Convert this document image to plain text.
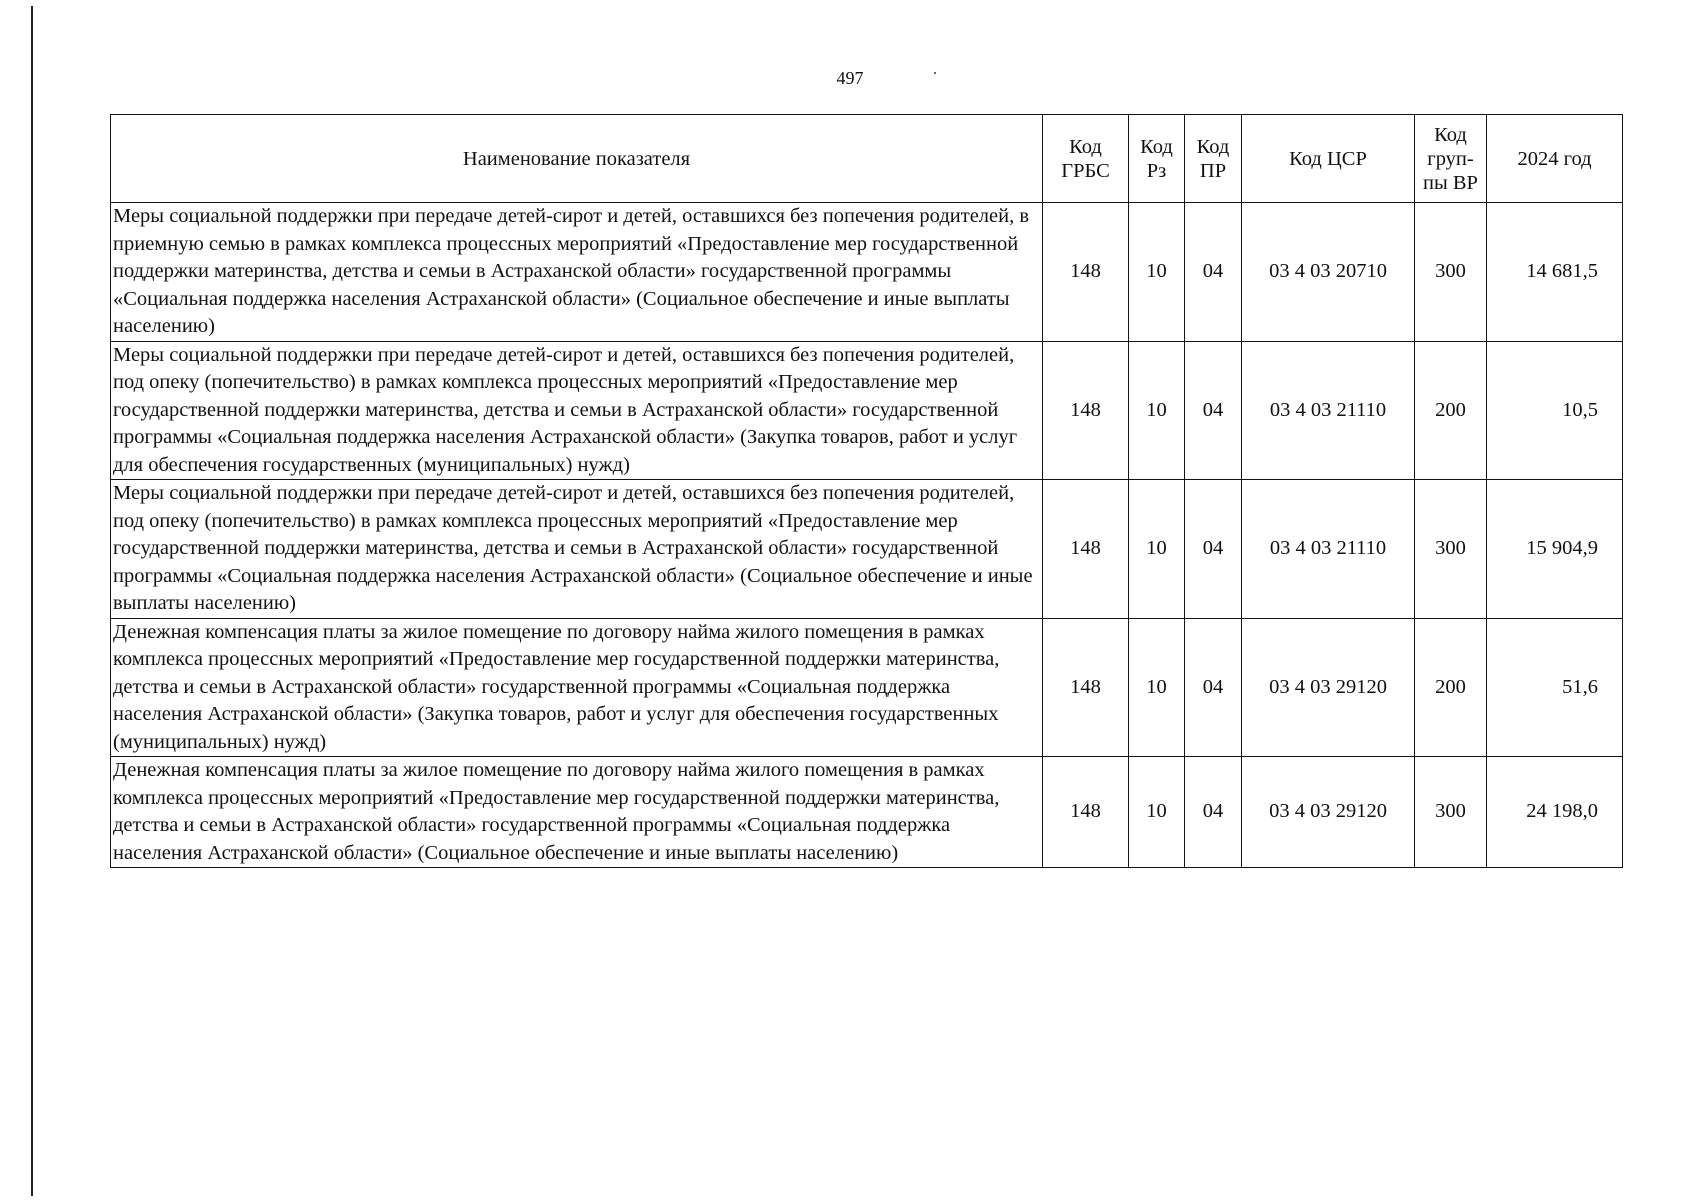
497
Наименование показателя	Код ГРБС	Код Рз	Код ПР	Код ЦСР	Код груп-пы ВР	2024 год
Меры социальной поддержки при передаче детей-сирот и детей, оставшихся без попечения родителей, в приемную семью в рамках комплекса процессных мероприятий «Предоставление мер государственной поддержки материнства, детства и семьи в Астраханской области» государственной программы «Социальная поддержка населения Астраханской области» (Социальное обеспечение и иные выплаты населению)	148	10	04	03 4 03 20710	300	14 681,5
Меры социальной поддержки при передаче детей-сирот и детей, оставшихся без попечения родителей, под опеку (попечительство) в рамках комплекса процессных мероприятий «Предоставление мер государственной поддержки материнства, детства и семьи в Астраханской области» государственной программы «Социальная поддержка населения Астраханской области» (Закупка товаров, работ и услуг для обеспечения государственных (муниципальных) нужд)	148	10	04	03 4 03 21110	200	10,5
Меры социальной поддержки при передаче детей-сирот и детей, оставшихся без попечения родителей, под опеку (попечительство) в рамках комплекса процессных мероприятий «Предоставление мер государственной поддержки материнства, детства и семьи в Астраханской области» государственной программы «Социальная поддержка населения Астраханской области» (Социальное обеспечение и иные выплаты населению)	148	10	04	03 4 03 21110	300	15 904,9
Денежная компенсация платы за жилое помещение по договору найма жилого помещения в рамках комплекса процессных мероприятий «Предоставление мер государственной поддержки материнства, детства и семьи в Астраханской области» государственной программы «Социальная поддержка населения Астраханской области» (Закупка товаров, работ и услуг для обеспечения государственных (муниципальных) нужд)	148	10	04	03 4 03 29120	200	51,6
Денежная компенсация платы за жилое помещение по договору найма жилого помещения в рамках комплекса процессных мероприятий «Предоставление мер государственной поддержки материнства, детства и семьи в Астраханской области» государственной программы «Социальная поддержка населения Астраханской области» (Социальное обеспечение и иные выплаты населению)	148	10	04	03 4 03 29120	300	24 198,0
